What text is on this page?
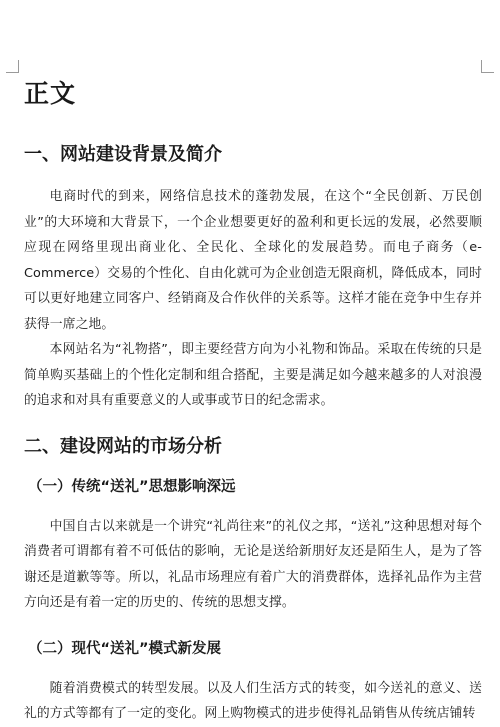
正文
一、网站建设背景及简介

电商时代的到来，网络信息技术的蓬勃发展，在这个“全民创新、万民创业”的大环境和大背景下，一个企业想要更好的盈利和更长远的发展，必然要顺应现在网络里现出商业化、全民化、全球化的发展趋势。而电子商务（e-Commerce）交易的个性化、自由化就可为企业创造无限商机，降低成本，同时可以更好地建立同客户、经销商及合作伙伴的关系等。这样才能在竞争中生存并获得一席之地。

本网站名为“礼物搭”，即主要经营方向为小礼物和饰品。采取在传统的只是简单购买基础上的个性化定制和组合搭配，主要是满足如今越来越多的人对浪漫的追求和对具有重要意义的人或事或节日的纪念需求。

二、建设网站的市场分析
（一）传统“送礼”思想影响深远

中国自古以来就是一个讲究“礼尚往来”的礼仪之邦，“送礼”这种思想对每个消费者可谓都有着不可低估的影响，无论是送给新朋好友还是陌生人，是为了答谢还是道歉等等。所以，礼品市场理应有着广大的消费群体，选择礼品作为主营方向还是有着一定的历史的、传统的思想支撑。

（二）现代“送礼”模式新发展

随着消费模式的转型发展。以及人们生活方式的转变，如今送礼的意义、送礼的方式等都有了一定的变化。网上购物模式的进步使得礼品销售从传统店铺转
